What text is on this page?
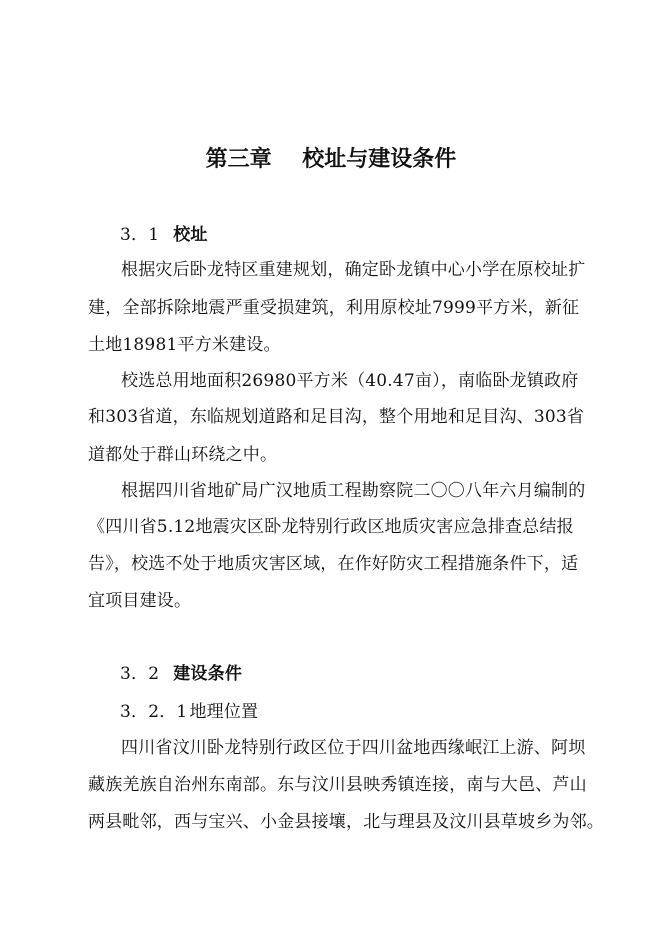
第三章    校址与建设条件
3．1 校址
根据灾后卧龙特区重建规划，确定卧龙镇中心小学在原校址扩
建，全部拆除地震严重受损建筑，利用原校址7999平方米，新征
土地18981平方米建设。
校选总用地面积26980平方米（40.47亩），南临卧龙镇政府
和303省道，东临规划道路和足目沟，整个用地和足目沟、303省
道都处于群山环绕之中。
根据四川省地矿局广汉地质工程勘察院二〇〇八年六月编制的
《四川省5.12地震灾区卧龙特别行政区地质灾害应急排查总结报
告》，校选不处于地质灾害区域，在作好防灾工程措施条件下，适
宜项目建设。
3．2 建设条件
3．2．1 地理位置
四川省汶川卧龙特别行政区位于四川盆地西缘岷江上游、阿坝
藏族羌族自治州东南部。东与汶川县映秀镇连接，南与大邑、芦山
两县毗邻，西与宝兴、小金县接壤，北与理县及汶川县草坡乡为邻。
